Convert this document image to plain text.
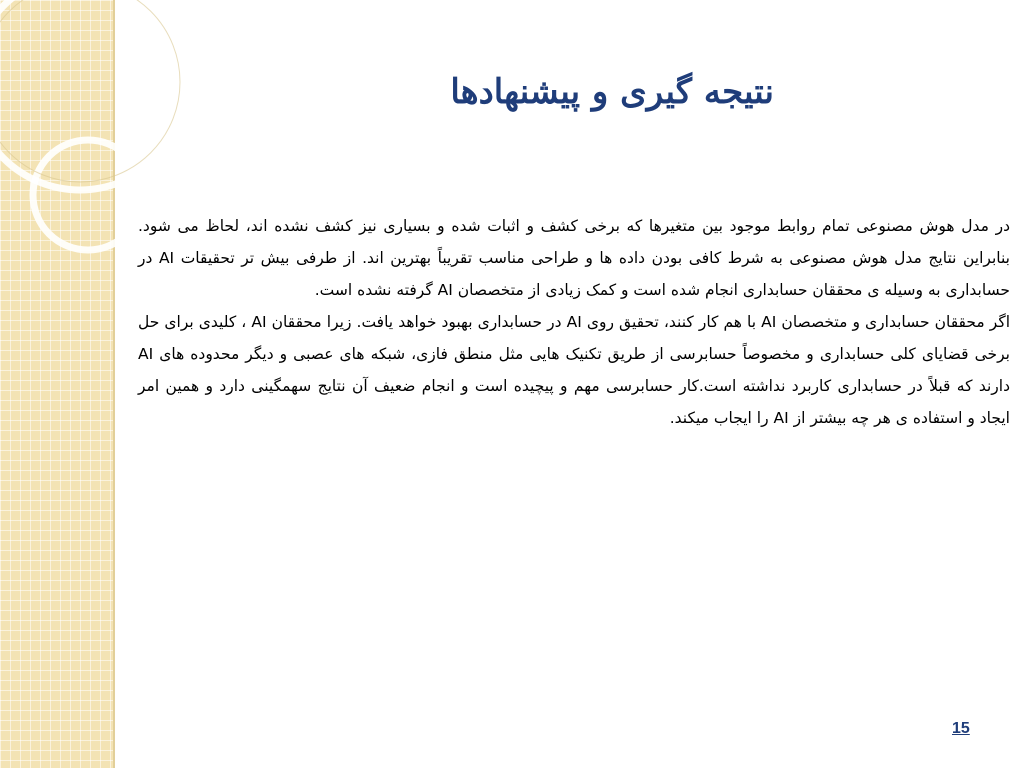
نتیجه گیری و پیشنهادها

در مدل هوش مصنوعی تمام روابط موجود بین متغیرها که برخی کشف و اثبات شده و بسیاری نیز کشف نشده اند، لحاظ می شود. بنابراین نتایج مدل هوش مصنوعی به شرط کافی بودن داده ها و طراحی مناسب تقریباً بهترین اند. از طرفی بیش تر تحقیقات AI در حسابداری به وسیله ی محققان حسابداری انجام شده است و کمک زیادی از متخصصان AI گرفته نشده است.

اگر محققان حسابداری و متخصصان AI با هم کار کنند، تحقیق روی AI در حسابداری بهبود خواهد یافت. زیرا محققان AI ، کلیدی برای حل برخی قضایای کلی حسابداری و مخصوصاً حسابرسی از طریق تکنیک هایی مثل منطق فازی، شبکه های عصبی و دیگر محدوده های AI دارند که قبلاً در حسابداری کاربرد نداشته است.کار حسابرسی مهم و پیچیده است و انجام ضعیف آن نتایج سهمگینی دارد و همین امر ایجاد و استفاده ی هر چه بیشتر از AI را ایجاب میکند.

15
